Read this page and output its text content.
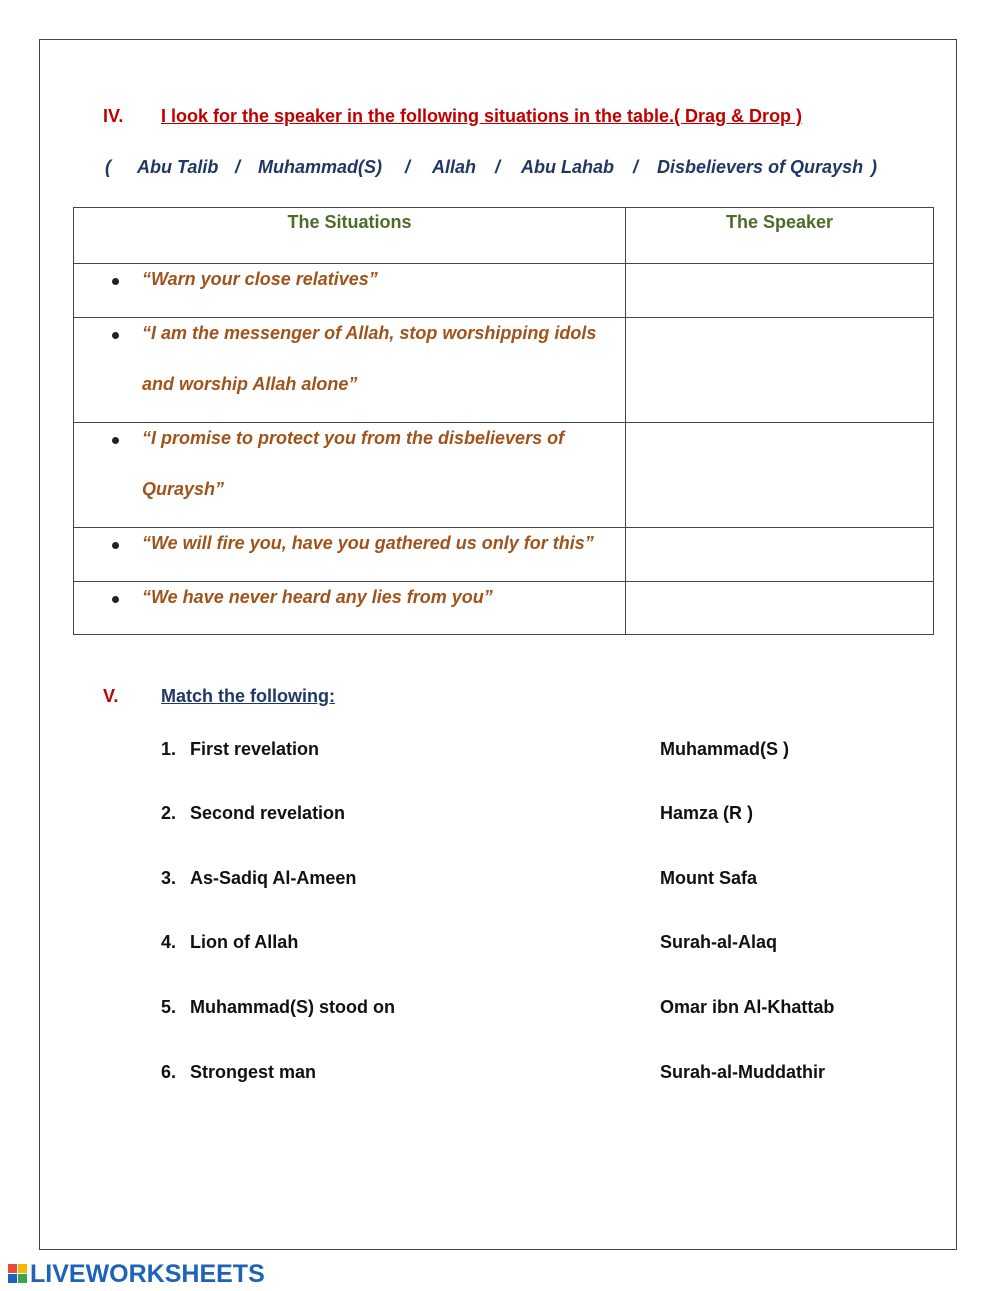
IV. I look for the speaker in the following situations in the table.( Drag & Drop )
( Abu Talib / Muhammad(S) / Allah / Abu Lahab / Disbelievers of Quraysh )
The Situations	The Speaker

“Warn your close relatives”	

“I am the messenger of Allah, stop worshipping idols and worship Allah alone”	

“I promise to protect you from the disbelievers of Quraysh”	

“We will fire you, have you gathered us only for this”	

“We have never heard any lies from you”	

V. Match the following:
1. First revelation	Muhammad(S )
2. Second revelation	Hamza (R )
3. As-Sadiq Al-Ameen	Mount Safa
4. Lion of Allah	Surah-al-Alaq
5. Muhammad(S) stood on	Omar ibn Al-Khattab
6. Strongest man	Surah-al-Muddathir
LIVEWORKSHEETS
